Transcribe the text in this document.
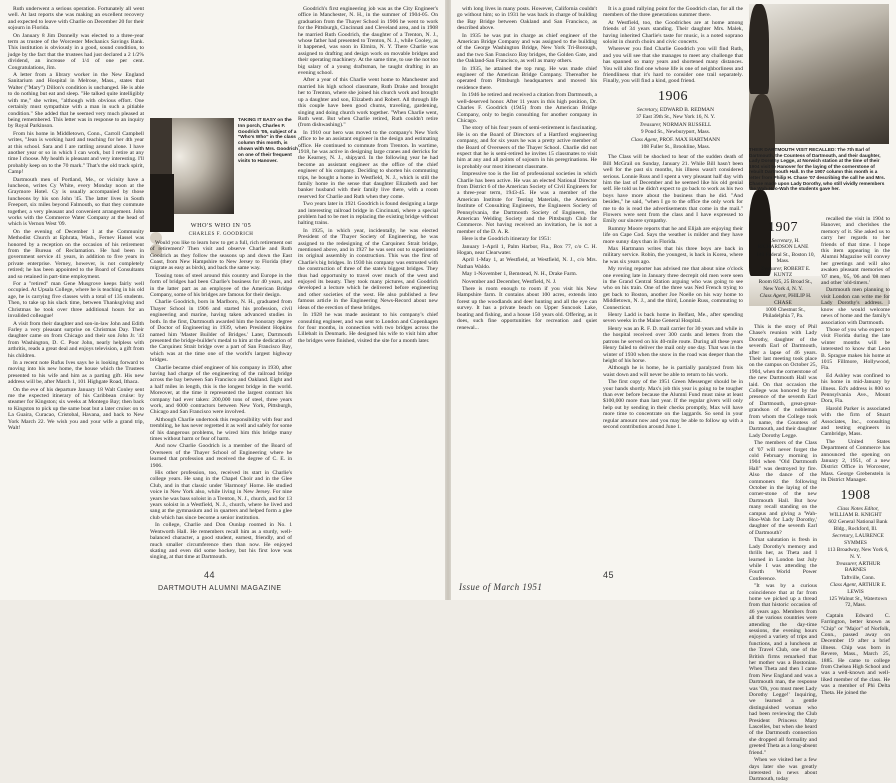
Ruth underwent a serious operation. Fortunately all went well. At last reports she was making an excellent recovery and expected to leave with Charlie on December 20 for their sojourn in Florida.

On January 8 Jim Donnelly was elected to a three-year term as trustee of the Worcester Mechanics Savings Bank. This institution is obviously in a good, sound condition, to judge by the fact that the trustees had just declared a 2 1/2% dividend, an increase of 1/4 of one per cent. Congratulations, Jim.

A letter from a library worker in the New England Sanitarium and Hospital in Melrose, Mass., states that Walter ("Mary") Dillon's condition is unchanged. He is able to do nothing but eat and sleep. "He talked quite intelligibly with me," she writes, "although with obvious effort. One certainly must sympathize with a man in such a pitiable condition." She added that he seemed very much pleased at being remembered. This letter was in response to an inquiry by Royal Parkinson.

From his home in Middletown, Conn., Carroll Campbell writes, "Jean is working hard and teaching for her 4th year at this school. Sara and I are rattling around alone. I have another year or so in which I can work, but I retire at any time I choose. My health is pleasant and very interesting. I'll probably keep on to the 70 mark." That's the old track spirit, Camp!

Dartmouth men of Portland, Me., or vicinity have a luncheon, writes Cy White, every Monday noon at the Graymore Hotel. Cy is usually accompanied by those luncheons by his son John '45. The latter lives in South Freeport, six miles beyond Falmouth, so that they commute together, a very pleasant and convenient arrangement. John works with the Commerce Water Company at the head of which is Vernon West '09.

On the evening of December 1 at the Community Methodist Church at Ephrata, Wash., Fernev Hassel was honored by a reception on the occasion of his retirement from the Bureau of Reclamation. He had been in government service 41 years, in addition to five years in private enterprise. Verney, however, is not completely retired; he has been appointed to the Board of Consultants and so retained in part-time employment.

For a "retired" man Gene Musgrove keeps fairly well occupied. At Upsala College, where he is teaching in his old age, he is carrying five classes with a total of 135 students. Then, to take up his slack time, between Thanksgiving and Christmas he took over three additional hours for an invalided colleague!

A visit from their daughter and son-in-law John and Edith Farley a very pleasant surprise on Christmas Day. Their daughter came on from Chicago and their son John Jr. '43 from Washington, D. C. Poor John, nearly helpless with arthritis, reads a great deal and enjoys television, a gift from his children.

In a recent note Rufus Ives says he is looking forward to moving into his new home, the house which the Trustees presented to his wife and him as a parting gift. His new address will be, after March 1, 101 Highgate Road, Ithaca.

On the eve of his departure January 18 Walt Conley sent me the expected itinerary of his Caribbean cruise: by steamer for Kingston; six weeks at Montego Bay; then back to Kingston to pick up the same boat but a later cruise: on to La Guaira, Curacao, Cristobal, Havana, and back to New York March 22. We wish you and your wife a grand trip, Walt!

TAKING IT EASY on the Inn porch, Charles F. Goodrich '05, subject of a "Who's Who" in the class column this month, is shown with Mrs. Goodrich on one of their frequent visits to Hanover.
WHO'S WHO IN '05
CHARLES F. GOODRICH

Would you like to learn how to get a full, rich retirement out of retirement? Then visit and observe Charlie and Ruth Goodrich as they follow the seasons up and down the East Coast, from New Hampshire to New Jersey to Florida (they migrate as easy as birds), and back the same way.

Tossing tons of steel around this country and Europe in the form of bridges had been Charlie's business for 40 years, and in the latter part as an employee of the American Bridge Company, some of his bridges are famous for their design.

Charlie Goodrich, born in Marlboro, N. H., graduated from Thayer School in 1906 and started his profession, civil engineering and marine, having taken advanced studies in both. In the first, Dartmouth awarded him the honorary degree of Doctor of Engineering in 1939, when President Hopkins named him 'Master Builder of Bridges.' Later, Dartmouth presented the bridge-builder's medal to him at the dedication of the Carquinez Strait bridge over a part of San Francisco Bay, which was at the time one of the world's largest highway bridges.

Charlie became chief engineer of his company in 1930, after having had charge of the engineering of the railroad bridge across the bay between San Francisco and Oakland. Eight and a half miles in length, this is the longest bridge in the world. Moreover, at the time it represented the largest contract his company had ever taken: 200,000 tons of steel, three years work, and 6000 contractors between New York, Pittsburgh, Chicago and San Francisco were involved.

Although Charlie undertook this responsibility with fear and trembling, he has never regretted it as well and safely for some of his dangerous problems, he wired him this bridge many times without harm or fear of harm.

And now Charlie Goodrich is a member of the Board of Overseers of the Thayer School of Engineering where he learned that profession and received the degree of C. E. in 1906.

His other profession, too, received its start in Charlie's college years. He sang in the Chapel Choir and in the Glee Club, and in that classic under 'Harmony' Horne. He studied voice in New York also, while living in New Jersey. For nine years he was bass soloist in a Trenton, N. J., church, and for 13 years soloist in a Westfield, N. J., church, where he lived and sang at the gymnasium and in quarters and helped form a glee club which has since become a senior institution.

In college, Charlie and Don Ounlap roomed in No. 1 Wentworth Hall. He remembers recall him as a sturdy, well-balanced character, a good student, earnest, friendly, and of much smaller circumference then than now. He enjoyed skating and even did some hockey, but his first love was singing, at that time at Dartmouth.

Goodrich's first engineering job was as the City Engineer's office in Manchester, N. H., in the summer of 1904-05. On graduation from the Thayer School in 1906 he went to work for the Pittsburgh, Cincinnati and Cleveland area, and in 1908 he married Ruth Goodrich, the daughter of a Trenton, N. J., whose father had presented to Trenton, N. J., while Cooley, as it happened, was soon in Elmira, N. Y. There Charlie was assigned to drafting and design work on movable bridges and their operating machinery. At the same time, to use the not too big salary of a young draftsman, he taught drafting in an evening school.

After a year of this Charlie went home to Manchester and married his high school classmate, Ruth Drake and brought her to Trenton, where she joined his church work and brought up a daughter and son, Elizabeth and Robert. All through life this couple have been good chums, traveling, gardening, singing and doing church work together. "When Charlie went, Ruth went. But when Charlie retired, Ruth couldn't retire (from dishwashing)."

In 1910 our hero was moved to the company's New York office to be an assistant engineer in the design and estimating office. He continued to commute from Trenton. In wartime, 1918, he was active in designing large cranes and derricks for the Kearney, N. J., shipyard. In the following year he had become an assistant engineer as the office of the chief engineer of his company. Deciding to shorten his commuting trips, he bought a home in Westfield, N. J., which is still the family home in the sense that daughter Elizabeth and her banker husband with their family live there, with a room reserved for Charlie and Ruth when they come.

Two years later in 1921 Goodrich is found designing a large and interesting railroad bridge in Cincinnati, where a special problem had to be met in replacing the existing bridge without halting trains.

In 1925, in which year, incidentally, he was elected President of the Thayer Society of Engineering, he was assigned to the redesigning of the Carquinez Strait bridge, mentioned above, and in 1927 he was sent out to superintend its original assembly in construction. This was the first of Charlie's big bridges. In 1930 his company was entrusted with the construction of three of the state's biggest bridges. They thus had opportunity to travel over much of the west and enjoyed its beauty. They took many pictures, and Goodrich developed a lecture which he delivered before engineering and other societies of the west. He also published a few famous article in the Engineering News-Record about new ideas of the erection of these bridges.

In 1928 he was made assistant to his company's chief consulting engineer, and was sent to London and Copenhagen for four months, in connection with two bridges across the Lillebalt in Denmark. He designed his wife to visit him after the bridges were finished, visited the site for a month later.

44
DARTMOUTH ALUMNI MAGAZINE

with long lives in many posts. However, California couldn't go without him; so in 1931 he was back in charge of building the Bay Bridge between Oakland and San Francisco, as described above.

In 1935 he was put in charge as chief engineer of the American Bridge Company and was assigned to the building of the George Washington Bridge, New York Tri-Borough, and the two San Francisco Bay bridges, the Golden Gate, and the Oakland-San Francisco, as well as many others.

In 1935, he attained the top rung. He was made chief engineer of the American Bridge Company. Thereafter he operated from Pittsburgh headquarters and moved his residence there.

In 1946 he retired and received a citation from Dartmouth, a well-deserved honor. After 11 years in this high position, Dr. Charles F. Goodrich (1945) from the American Bridge Company, only to begin consulting for another company in Chicago.

The story of his four years of semi-retirement is fascinating. He is on the Board of Directors of a Hartford engineering company, and for six years he was a pretty active member of the Board of Overseers of the Thayer School. Charlie did not expect that he is semi-retired he invites 15 classmates to visit him at any and all points of sojourn in his peregrinations. He is probably our most itinerant classmate.

Impressive too is the list of professional societies in which Charlie has been active. He was an elected National Director from District 6 of the American Society of Civil Engineers for a three-year term, 1943-45. He was a member of the American Institute for Testing Materials, the American Institute of Consulting Engineers, the Engineers Society of Pennsylvania, the Dartmouth Society of Engineers, the American Welding Society and the Pittsburgh Club for Commerce. Not having received an invitation, he is not a member of the D. A. R.

Here is the Goodrich itinerary for 1951:

January 1-April 1, Palm Harbor, Fla., Box 77, c/o C. H. Hogan, near Clearwater.

April 1-May 1, at Westfield, at Westfield, N. J., c/o Mrs. Nathan Waldo.

May 1-November 1, Bemstead, N. H., Drake Farm.

November and December, Westfield, N. J.

There is room enough to room if you visit his New Hampshire farm. It contains about 100 acres, extends into forest up the woodlands and deer hunting and all the eye can survey. It has a private beach on Upper Suncook Lake, boating and fishing, and a house 150 years old. Offering, as it does, such fine opportunities for recreation and quiet renewal...

It is a grand rallying point for the Goodrich clan, for all the members of the three generations summer there.

At Westfield, too, the Goodriches are at home among friends of 34 years standing. Their daughter Mrs. Malek, having inherited Charlie's taste for music, is a noted soprano soloist in church choirs and civic concerts.

Wherever you find Charlie Goodrich you will find Ruth, and you will see that she manages to meet any challenge that has spanned so many years and shortened many distances. You will also find one whose life is one of neighborliness and friendliness that it's hard to consider one trail separately. Finally, you will find a kind, good friend.

1906

Secretary, EDWARD B. REDMAN

37 East 39th St., New York 16, N. Y.

Treasurer, NORMAN RUSSELL

9 Pond St., Newburyport, Mass.

Class Agent, PROF. MAX HARTMANN

108 Fuller St., Brookline, Mass.

The Class will be shocked to hear of the sudden death of Bill McGrail on Sunday, January 21. While Bill hasn't been well for the past six months, his illness wasn't considered serious. Lonnie Russ and I spent a very pleasant half day with him the last of December and he seemed like his old genial self. He told us he didn't expect to go back to work as his two boys have more about the business than he did. "And besides," he said, "when I go to the office the only work for me to do is read the advertisements that come in the mail." Flowers were sent from the class and I have expressed to Emily our sincere sympathy.

Rummy Moore reports that he and Elijah are enjoying their life on Cape Cod. Says the weather is milder and they have more sunny days than in Florida.

Max Hartmann writes that his three boys are back in military service. Robin, the youngest, is back in Korea, where he was six years ago.

My roving reporter has advised me that about nine o'clock one evening late in January three decrepit old men were seen in the Grand Central Station arguing who was going to see who on his train. One of the three was Ned French trying to get back to Boston, another Joe Noelle on his way home to Middletown, N. J., and the third, Lonnie Russ, commuting to Connecticut.

Henry Ladd is back home in Belfast, Me., after spending seven weeks in the Maine General Hospital.

Henry was an R. F. D. mail carrier for 30 years and while in the hospital received over 300 cards and letters from the patrons he served on his 40-mile route. During all these years Henry failed to deliver the mail only one day. That was in the winter of 1930 when the snow in the road was deeper than the height of his horse.

Although he is home, he is partially paralyzed from his waist down and will never be able to return to his work.

The first copy of the 1951 Green Messenger should be in your hands shortly. Max's job this year is going to be tougher than ever before because the Alumni Fund must raise at least $100,000 more than last year. If the regular givers will only help out by sending in their checks promptly, Max will have more time to concentrate on the laggards. So send in your regular amount now and you may be able to follow up with a second contribution around June 1.

THEIR DARTMOUTH VISIT RECALLED: The 7th Earl of Dartmouth, the Countess of Dartmouth, and their daughter, Lady Dorothy Legge, at Norwich station at the time of their 1904 visit to Hanover for the laying of the cornerstone of rebuilt Dartmouth Hall. In the 1907 column this month is a letter from Philip H. Chase '07 describing the call he and Mrs. Chase made upon Lady Dorothy, who still vividly remembers the Wah-Hoo-Wah the students gave her.
1907

Secretary, H. RICHARDSON LANE

140 Federal St., Boston 10, Mass.

Treasurer, ROBERT E. KUNTZ

Room 825, 25 Broad St., New York 4, N. Y.

Class Agent, PHILIP H. CHASE

1000 Chestnut St., Philadelphia 7, Pa.

This is the story of Phil Chase's reunion with Lady Dorothy, daughter of the seventh Earl of Dartmouth, after a lapse of 46 years. Their last meeting took place on the campus on October 25, 1904, when the cornerstone of the new Dartmouth Hall was laid. On that occasion the College was honored by the presence of the seventh Earl of Dartmouth, great-great-grandson of the nobleman from whom the College took its name, the Countess of Dartmouth, and their daughter Lady Dorothy Legge.

The members of the Class of '07 will never forget the cold February morning in 1904 when "Old Dartmouth Hall" was destroyed by fire. Also the dance of the commoners the following October in the laying of the corner-stone of the new Dartmouth Hall. But how many recall standing on the campus and giving a 'Wah-Hoo-Wah for Lady Dorothy,' daughter of the seventh Earl of Dartmouth?

That salutation is fresh in Lady Dorothy's memory and thrills her, as Theta and I learned in London last July while I was attending the Fourth World Power Conference.

"It was by a curious coincidence that at far from home we picked up a thread from that historic occasion of 46 years ago. Members from all the various countries were attending the day-time sessions, the evening hours enjoyed a variety of trips and functions, and a luncheon at the Travel Club, one of the British firms remarked that her mother was a Bostonian. When Theta and then I came from New England and was a Dartmouth man, the response was 'Oh, you must meet Lady Dorothy Legge!' Inquiring, we learned a gentle distinguished woman who had been reviewing the Club President Princess Mary Lascelles, but when she heard of the Dartmouth connection she dropped all formality and greeted Theta as a long-absent friend."

When we visited her a few days later she was greatly interested in news about Dartmouth, today

recalled the visit in 1904 to Hanover, and cherishes the memory of it. She asked us to carry her regards to her friends of that time. I hope this item appearing in the Alumni Magazine will convey her greetings and will also awaken pleasant memories of '07 men, '05, '06 and '08 men and other 'old-timers.'

Dartmouth men planning to visit London can write me for Lady Dorothy's address. I know she would welcome news of home and the family's association with Dartmouth.

Those of you who expect to visit Florida during the late winter months will be interested to know that Leon B. Sprague makes his home at 1015 Fillmore, Hollywood, Fla.

Ed Ashley was confined to his home in mid-January by illness. Ed's address is 800 so Pennsylvania Ave., Mount Dora, Fla.

Harold Parker is associated with the firm of Stuart Associates, Inc., consulting and testing engineers in Cambridge, Mass.

The United States Department of Commerce has announced the opening on January 2, 1951, of a new District Office in Worcester, Mass. George Grebenstein is its District Manager.

1908

Class Notes Editor, WILLIAM B. KNIGHT

602 General National Bank Bldg., Rockford, Ill.

Secretary, LAURENCE SYMMES

113 Broadway, New York 6, N. Y.

Treasurer, ARTHUR BARNES

Taftville, Conn.

Class Agent, ARTHUR E. LEWIS

125 Walnut St., Watertown 72, Mass.

Captain Edward C. Farrington, better known as "Chip" or "Major" of Norfolk, Conn., passed away on December 19 after a brief illness. Chip was born in Revere, Mass., March 25, 1885. He came to college from Chelsea High School and was a well-known and well-liked member of the class. He was a member of Phi Delta Theta. He joined the

Issue of March 1951
45
